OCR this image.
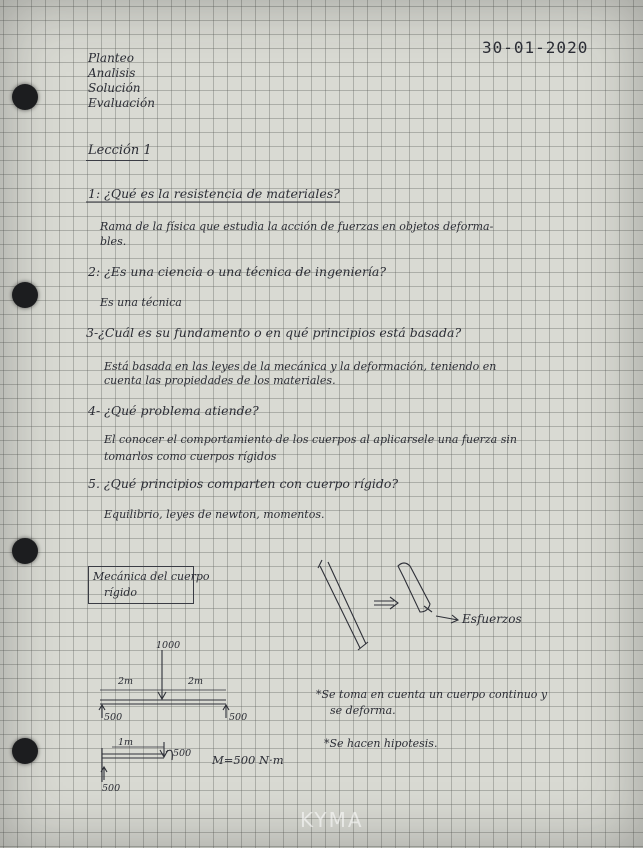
30-01-2020
Planteo
Analisis
Solución
Evaluación
Lección 1
1: ¿Qué es la resistencia de materiales?
Rama de la física que estudia la acción de fuerzas en objetos deforma-
bles.
2: ¿Es una ciencia o una técnica de ingeniería?
Es una técnica
3-¿Cuál es su fundamento o en qué principios está basada?
Está basada en las leyes de la mecánica y la deformación, teniendo en
cuenta las propiedades de los materiales.
4- ¿Qué problema atiende?
El conocer el comportamiento de los cuerpos al aplicarsele una fuerza sin
tomarlos como cuerpos rígidos
5. ¿Qué principios comparten con cuerpo rígido?
Equilibrio, leyes de newton, momentos.
Mecánica del cuerpo
rígido
Esfuerzos
1000
2m	2m
500	500
1m
500 M=500 N·m
500
*Se toma en cuenta un cuerpo continuo y
se deforma.
*Se hacen hipotesis.
KYMA
